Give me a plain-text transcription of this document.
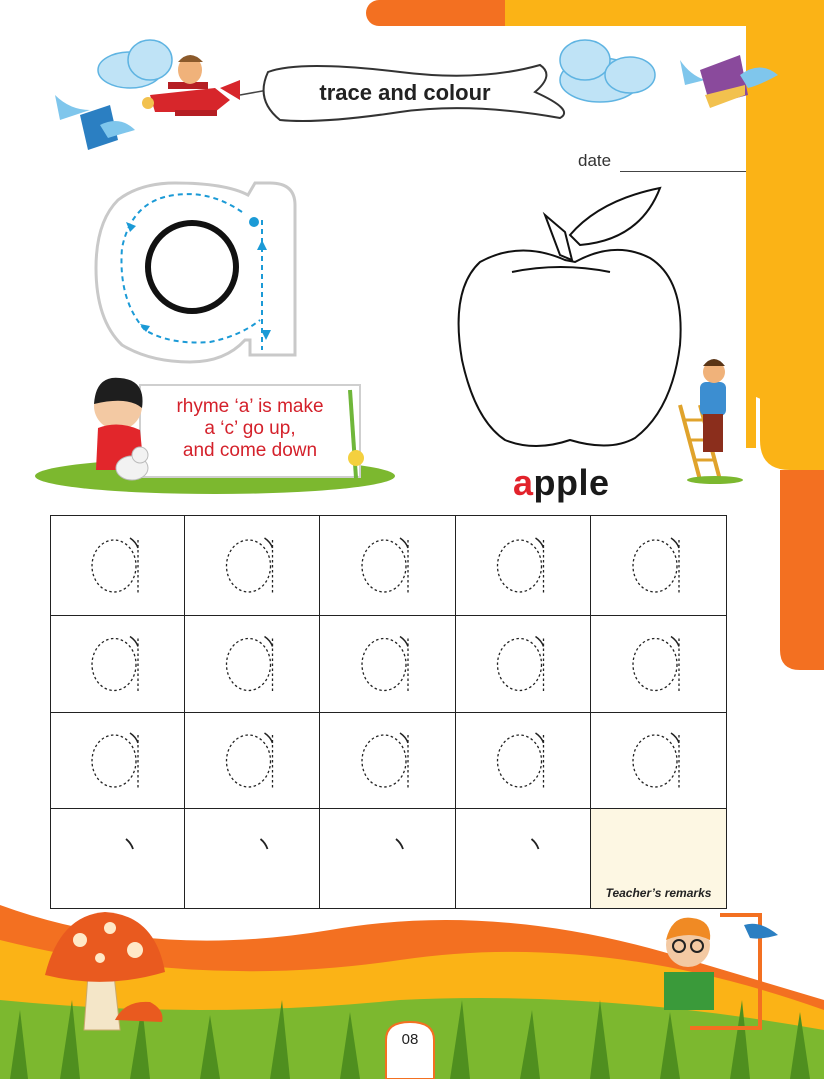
trace and colour
date
rhyme ‘a’ is make
a ‘c’ go up,
and come down
apple
Teacher’s remarks
08
